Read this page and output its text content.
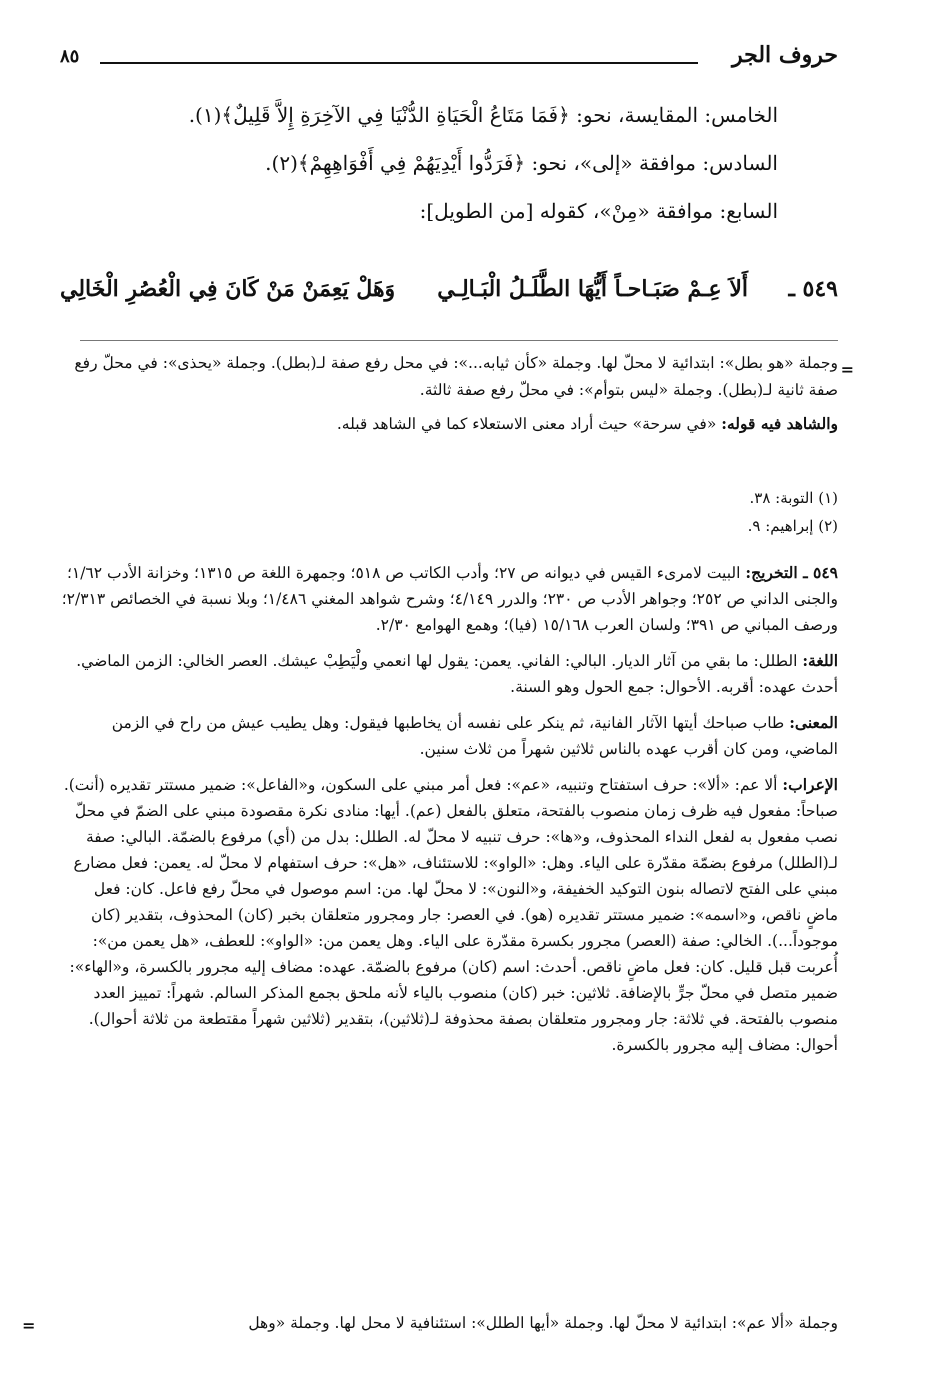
حروف الجر
٨٥
الخامس: المقايسة، نحو: ﴿فَمَا مَتَاعُ الْحَيَاةِ الدُّنْيَا فِي الآخِرَةِ إِلاَّ قَلِيلٌ﴾(١).
السادس: موافقة «إلى»، نحو: ﴿فَرَدُّوا أَيْدِيَهُمْ فِي أَفْوَاهِهِمْ﴾(٢).
السابع: موافقة «مِنْ»، كقوله [من الطويل]:
٥٤٩ ـ
أَلاَ عِـمْ صَبَـاحـاً أَيُّهَا الطَّلَـلُ الْبَـالِـي
وَهَلْ يَعِمَنْ مَنْ كَانَ فِي الْعُصُرِ الْخَالِي
=

وجملة «هو بطل»: ابتدائية لا محلّ لها. وجملة «كأن ثيابه...»: في محل رفع صفة لـ(بطل). وجملة «يحذى»: في محلّ رفع صفة ثانية لـ(بطل). وجملة «ليس بتوأم»: في محلّ رفع صفة ثالثة.

والشاهد فيه قوله: «في سرحة» حيث أراد معنى الاستعلاء كما في الشاهد قبله.

(١) التوبة: ٣٨.

(٢) إبراهيم: ٩.

٥٤٩ ـ التخريج: البيت لامرىء القيس في ديوانه ص ٢٧؛ وأدب الكاتب ص ٥١٨؛ وجمهرة اللغة ص ١٣١٥؛ وخزانة الأدب ١/٦٢؛ والجنى الداني ص ٢٥٢؛ وجواهر الأدب ص ٢٣٠؛ والدرر ٤/١٤٩؛ وشرح شواهد المغني ١/٤٨٦؛ وبلا نسبة في الخصائص ٢/٣١٣؛ ورصف المباني ص ٣٩١؛ ولسان العرب ١٥/١٦٨ (فيا)؛ وهمع الهوامع ٢/٣٠.

اللغة: الطلل: ما بقي من آثار الديار. البالي: الفاني. يعمن: يقول لها انعمي ولْيَطِبْ عيشك. العصر الخالي: الزمن الماضي. أحدث عهده: أقربه. الأحوال: جمع الحول وهو السنة.

المعنى: طاب صباحك أيتها الآثار الفانية، ثم ينكر على نفسه أن يخاطبها فيقول: وهل يطيب عيش من راح في الزمن الماضي، ومن كان أقرب عهده بالناس ثلاثين شهراً من ثلاث سنين.

الإعراب: ألا عم: «ألا»: حرف استفتاح وتنبيه، «عم»: فعل أمر مبني على السكون، و«الفاعل»: ضمير مستتر تقديره (أنت). صباحاً: مفعول فيه ظرف زمان منصوب بالفتحة، متعلق بالفعل (عم). أيها: منادى نكرة مقصودة مبني على الضمّ في محلّ نصب مفعول به لفعل النداء المحذوف، و«ها»: حرف تنبيه لا محلّ له. الطلل: بدل من (أي) مرفوع بالضمّة. البالي: صفة لـ(الطلل) مرفوع بضمّة مقدّرة على الياء. وهل: «الواو»: للاستئناف، «هل»: حرف استفهام لا محلّ له. يعمن: فعل مضارع مبني على الفتح لاتصاله بنون التوكيد الخفيفة، و«النون»: لا محلّ لها. من: اسم موصول في محلّ رفع فاعل. كان: فعل ماضٍ ناقص، و«اسمه»: ضمير مستتر تقديره (هو). في العصر: جار ومجرور متعلقان بخبر (كان) المحذوف، بتقدير (كان موجوداً...). الخالي: صفة (العصر) مجرور بكسرة مقدّرة على الياء. وهل يعمن من: «الواو»: للعطف، «هل يعمن من»: أُعربت قبل قليل. كان: فعل ماضٍ ناقص. أحدث: اسم (كان) مرفوع بالضمّة. عهده: مضاف إليه مجرور بالكسرة، و«الهاء»: ضمير متصل في محلّ جرٍّ بالإضافة. ثلاثين: خبر (كان) منصوب بالياء لأنه ملحق بجمع المذكر السالم. شهراً: تمييز العدد منصوب بالفتحة. في ثلاثة: جار ومجرور متعلقان بصفة محذوفة لـ(ثلاثين)، بتقدير (ثلاثين شهراً مقتطعة من ثلاثة أحوال). أحوال: مضاف إليه مجرور بالكسرة.

وجملة «ألا عم»: ابتدائية لا محلّ لها. وجملة «أيها الطلل»: استئنافية لا محل لها. وجملة «وهل
=
